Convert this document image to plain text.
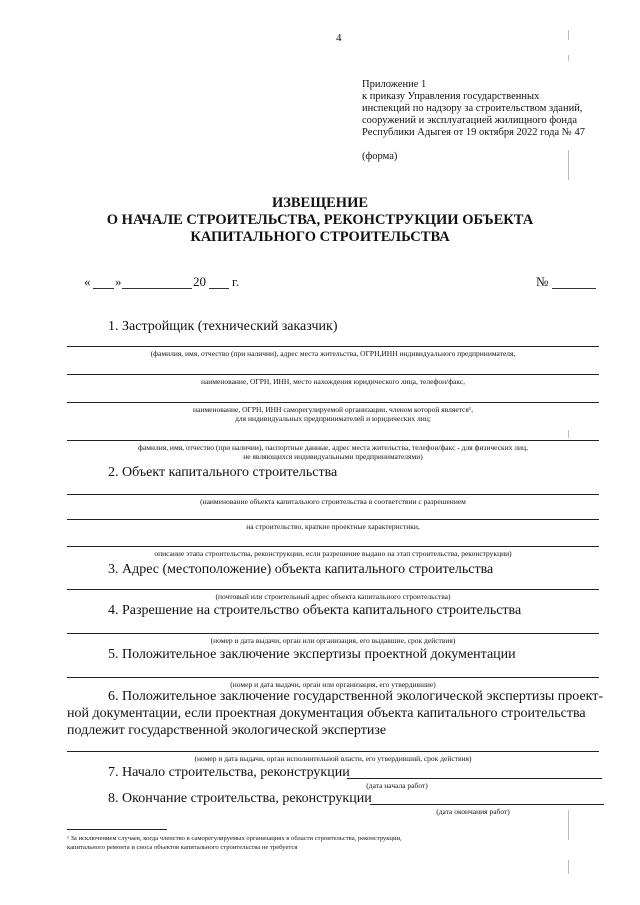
4
Приложение 1
к приказу Управления государственных
инспекций по надзору за строительством зданий,
сооружений и эксплуатацией жилищного фонда
Республики Адыгея от 19 октября 2022 года № 47
(форма)
ИЗВЕЩЕНИЕ
О НАЧАЛЕ СТРОИТЕЛЬСТВА, РЕКОНСТРУКЦИИ ОБЪЕКТА
КАПИТАЛЬНОГО СТРОИТЕЛЬСТВА
« »	20 г.	№
1. Застройщик (технический заказчик)
(фамилия, имя, отчество (при наличии), адрес места жительства, ОГРН,ИНН индивидуального предпринимателя,
наименование, ОГРН, ИНН, место нахождения юридического лица, телефон/факс,
наименование, ОГРН, ИНН саморегулируемой организации, членом которой является¹,
для индивидуальных предпринимателей и юридических лиц;
фамилия, имя, отчество (при наличии), паспортные данные, адрес места жительства, телефон/факс - для физических лиц,
не являющихся индивидуальными предпринимателями)
2. Объект капитального строительства
(наименование объекта капитального строительства в соответствии с разрешением
на строительство, краткие проектные характеристики,
описание этапа строительства, реконструкции, если разрешение выдано на этап строительства, реконструкции)
3. Адрес (местоположение) объекта капитального строительства
(почтовый или строительный адрес объекта капитального строительства)
4. Разрешение на строительство объекта капитального строительства
(номер и дата выдачи, орган или организация, его выдавшие, срок действия)
5. Положительное заключение экспертизы проектной документации
(номер и дата выдачи, орган или организация, его утвердившие)
6. Положительное заключение государственной экологической экспертизы проект-
ной документации, если проектная документация объекта капитального строительства
подлежит государственной экологической экспертизе
(номер и дата выдачи, орган исполнительной власти, его утвердивший, срок действия)
7. Начало строительства, реконструкции
(дата начала работ)
8. Окончание строительства, реконструкции
(дата окончания работ)
¹ За исключением случаев, когда членство в саморегулируемых организациях в области строительства, реконструкции,
капитального ремонта и сноса объектов капитального строительства не требуется
